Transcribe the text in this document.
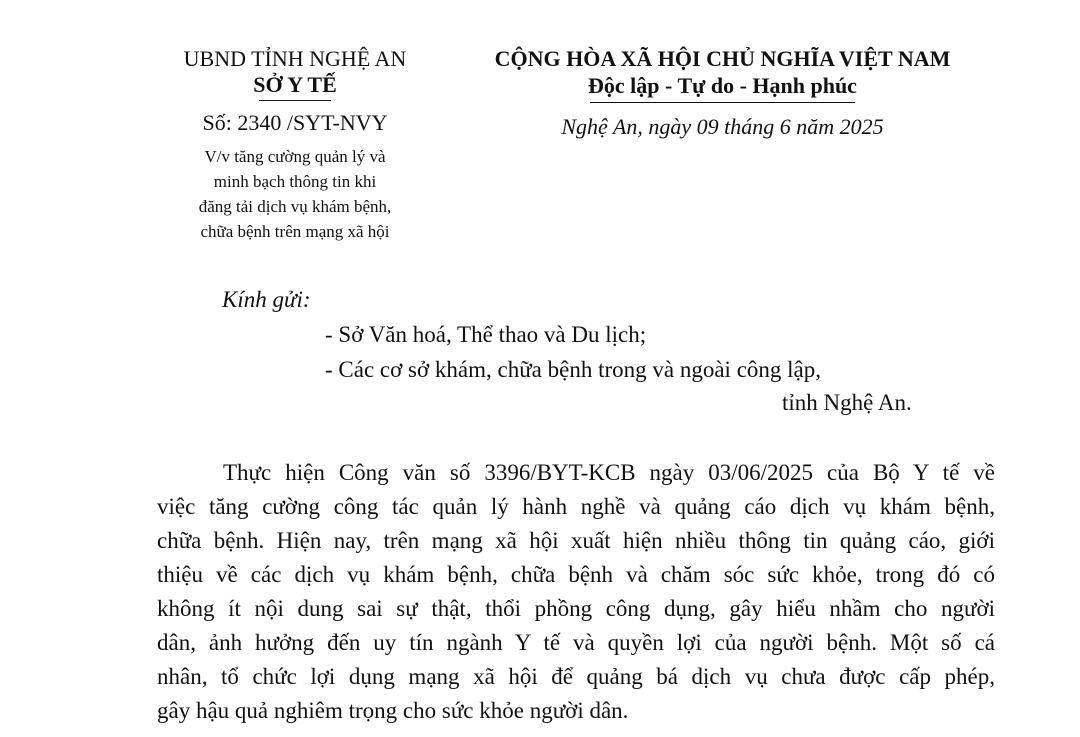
UBND TỈNH NGHỆ AN
SỞ Y TẾ
Số: 2340 /SYT-NVY
V/v tăng cường quản lý và
minh bạch thông tin khi
đăng tải dịch vụ khám bệnh,
chữa bệnh trên mạng xã hội
CỘNG HÒA XÃ HỘI CHỦ NGHĨA VIỆT NAM
Độc lập - Tự do - Hạnh phúc
Nghệ An, ngày 09 tháng 6 năm 2025
Kính gửi:
- Sở Văn hoá, Thể thao và Du lịch;
- Các cơ sở khám, chữa bệnh trong và ngoài công lập,
tỉnh Nghệ An.
Thực hiện Công văn số 3396/BYT-KCB ngày 03/06/2025 của Bộ Y tế về
việc tăng cường công tác quản lý hành nghề và quảng cáo dịch vụ khám bệnh,
chữa bệnh. Hiện nay, trên mạng xã hội xuất hiện nhiều thông tin quảng cáo, giới
thiệu về các dịch vụ khám bệnh, chữa bệnh và chăm sóc sức khỏe, trong đó có
không ít nội dung sai sự thật, thổi phồng công dụng, gây hiểu nhầm cho người
dân, ảnh hưởng đến uy tín ngành Y tế và quyền lợi của người bệnh. Một số cá
nhân, tổ chức lợi dụng mạng xã hội để quảng bá dịch vụ chưa được cấp phép,
gây hậu quả nghiêm trọng cho sức khỏe người dân.
